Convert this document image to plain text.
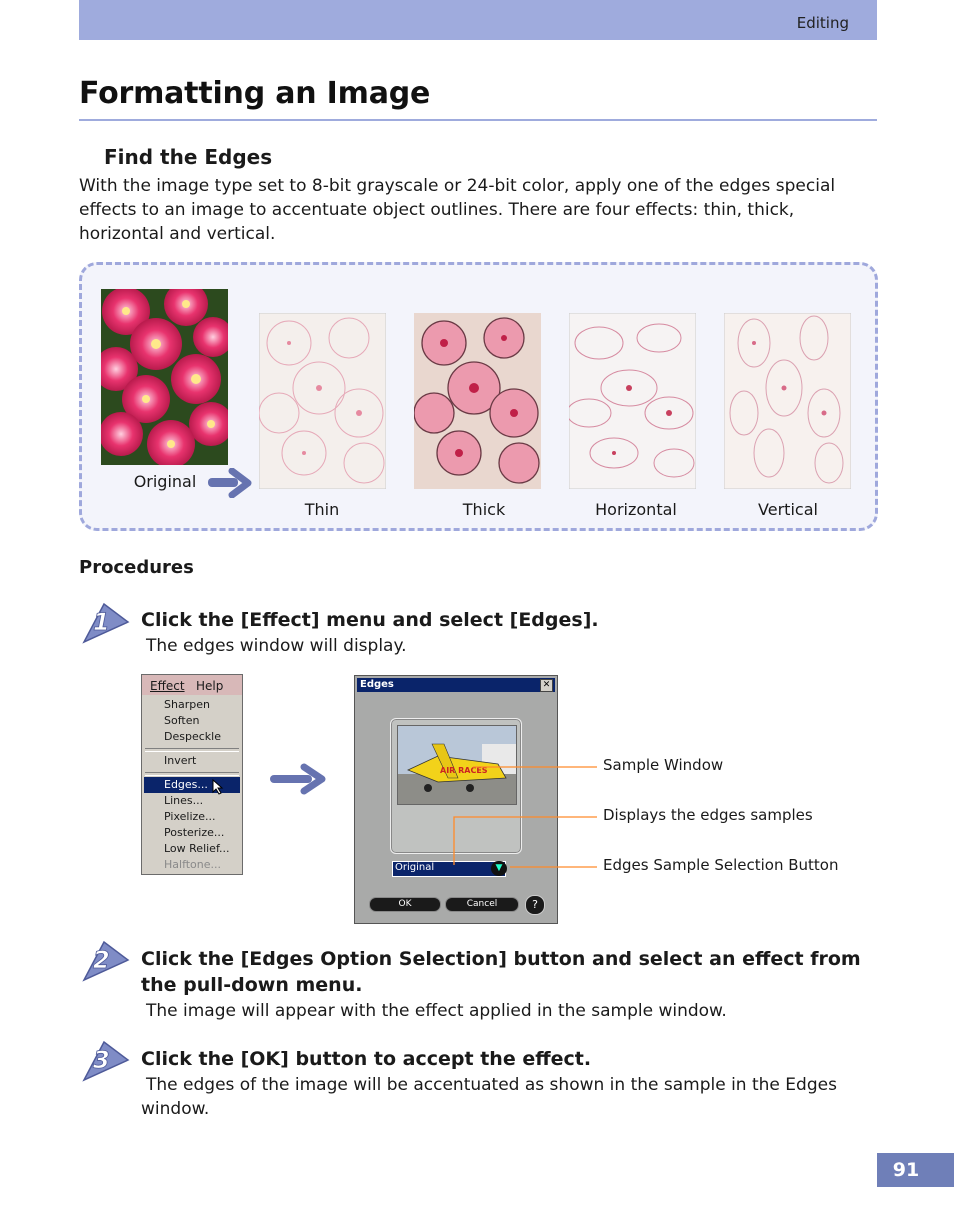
Editing
Formatting an Image
Find the Edges
With the image type set to 8-bit grayscale or 24-bit color, apply one of the edges special effects to an image to accentuate object outlines. There are four effects: thin, thick, horizontal and vertical.
Original
Thin	Thick	Horizontal	Vertical
Procedures
1 Click the [Effect] menu and select [Edges].
The edges window will display.
Effect Help
Sharpen
Soften
Despeckle
Invert
Edges...
Lines...
Pixelize...
Posterize...
Low Relief...
Halftone...
Edges	✕
AIR RACES
Original	▼
OK	Cancel	?
Sample Window
Displays the edges samples
Edges Sample Selection Button
2 Click the [Edges Option Selection] button and select an effect from the pull-down menu.
The image will appear with the effect applied in the sample window.
3 Click the [OK] button to accept the effect.
The edges of the image will be accentuated as shown in the sample in the Edges window.
91
